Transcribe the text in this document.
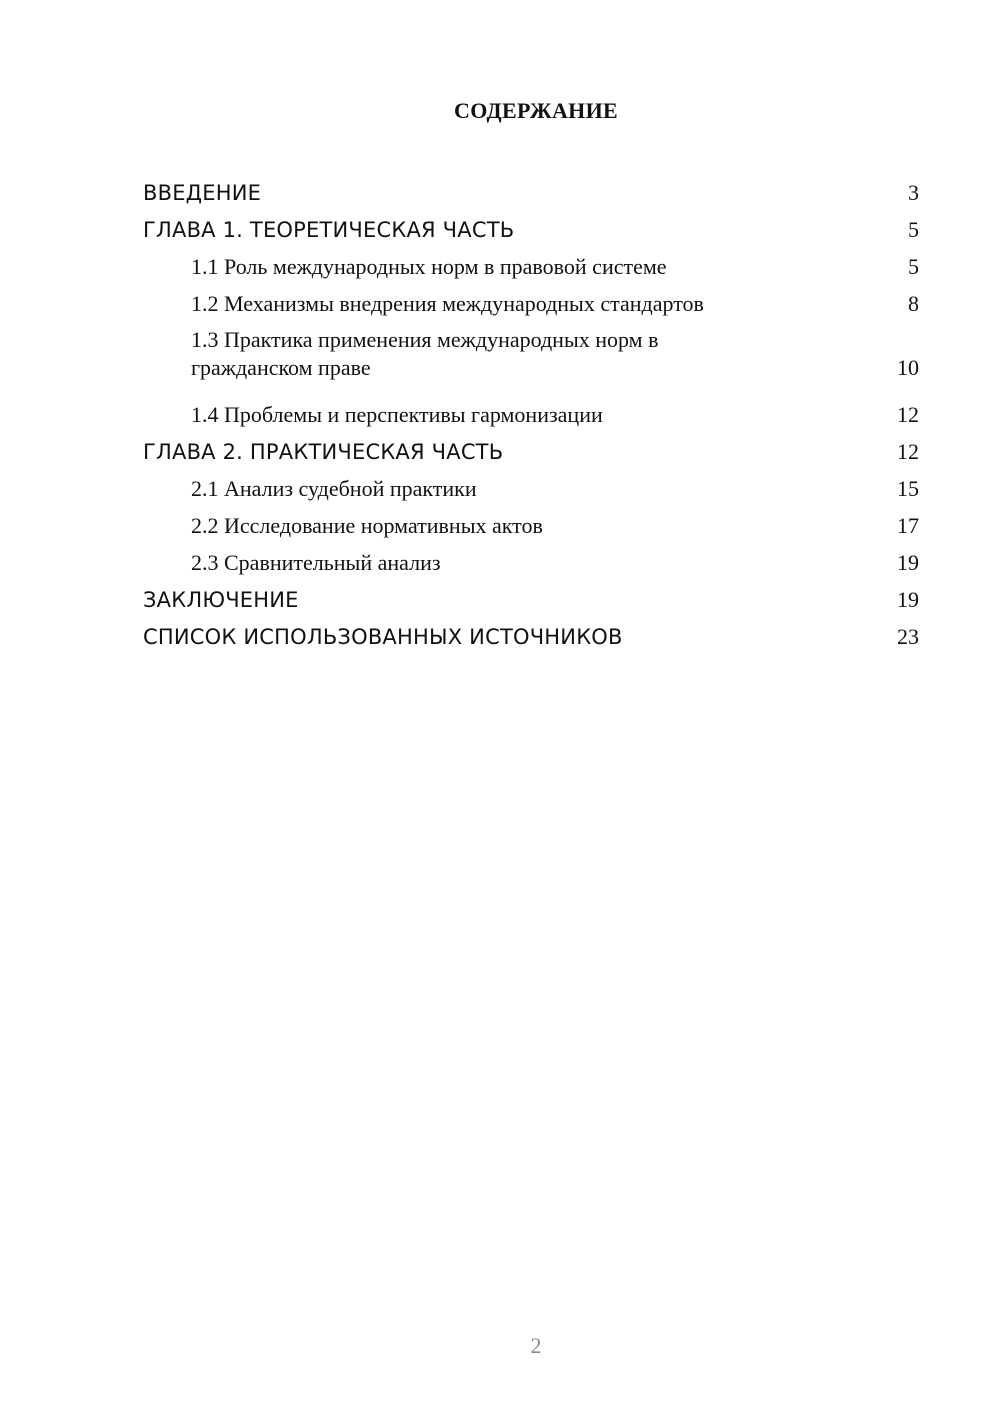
СОДЕРЖАНИЕ
ВВЕДЕНИЕ	3
ГЛАВА 1. ТЕОРЕТИЧЕСКАЯ ЧАСТЬ	5
1.1 Роль международных норм в правовой системе	5
1.2 Механизмы внедрения международных стандартов	8
1.3 Практика применения международных норм в гражданском праве	10
1.4 Проблемы и перспективы гармонизации	12
ГЛАВА 2. ПРАКТИЧЕСКАЯ ЧАСТЬ	12
2.1 Анализ судебной практики	15
2.2 Исследование нормативных актов	17
2.3 Сравнительный анализ	19
ЗАКЛЮЧЕНИЕ	19
СПИСОК ИСПОЛЬЗОВАННЫХ ИСТОЧНИКОВ	23
2
